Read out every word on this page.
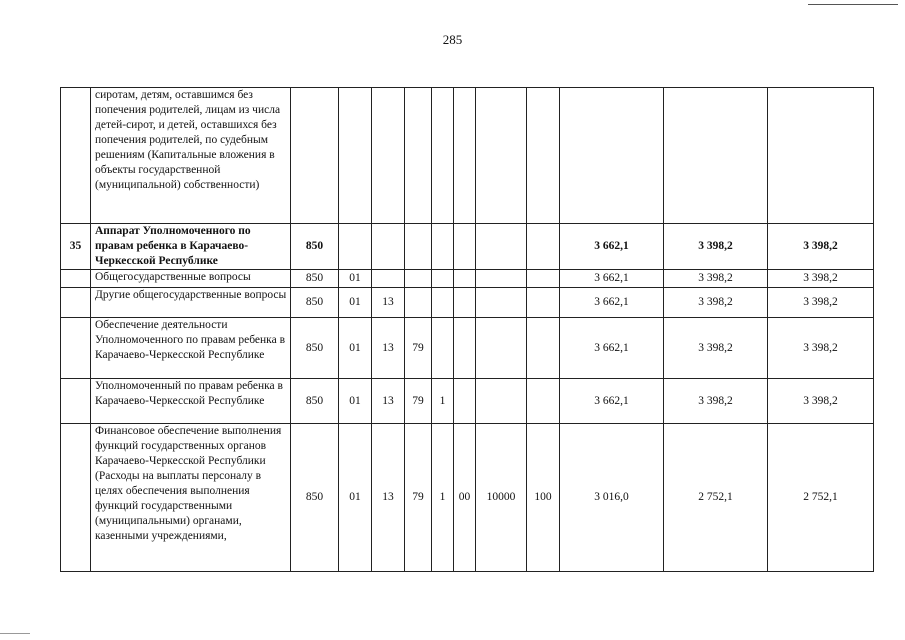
285
	сиротам, детям, оставшимся без попечения родителей, лицам из числа детей-сирот, и детей, оставшихся без попечения родителей, по судебным решениям (Капитальные вложения в объекты государственной (муниципальной) собственности)											
35	Аппарат Уполномоченного по правам ребенка в Карачаево-Черкесской Республике	850								3 662,1	3 398,2	3 398,2
	Общегосударственные вопросы	850	01							3 662,1	3 398,2	3 398,2
	Другие общегосударственные вопросы	850	01	13						3 662,1	3 398,2	3 398,2
	Обеспечение деятельности Уполномоченного по правам ребенка в Карачаево-Черкесской Республике	850	01	13	79					3 662,1	3 398,2	3 398,2
	Уполномоченный по правам ребенка в Карачаево-Черкесской Республике	850	01	13	79	1				3 662,1	3 398,2	3 398,2
	Финансовое обеспечение выполнения функций государственных органов Карачаево-Черкесской Республики (Расходы на выплаты персоналу в целях обеспечения выполнения функций государственными (муниципальными) органами, казенными учреждениями,	850	01	13	79	1	00	10000	100	3 016,0	2 752,1	2 752,1
